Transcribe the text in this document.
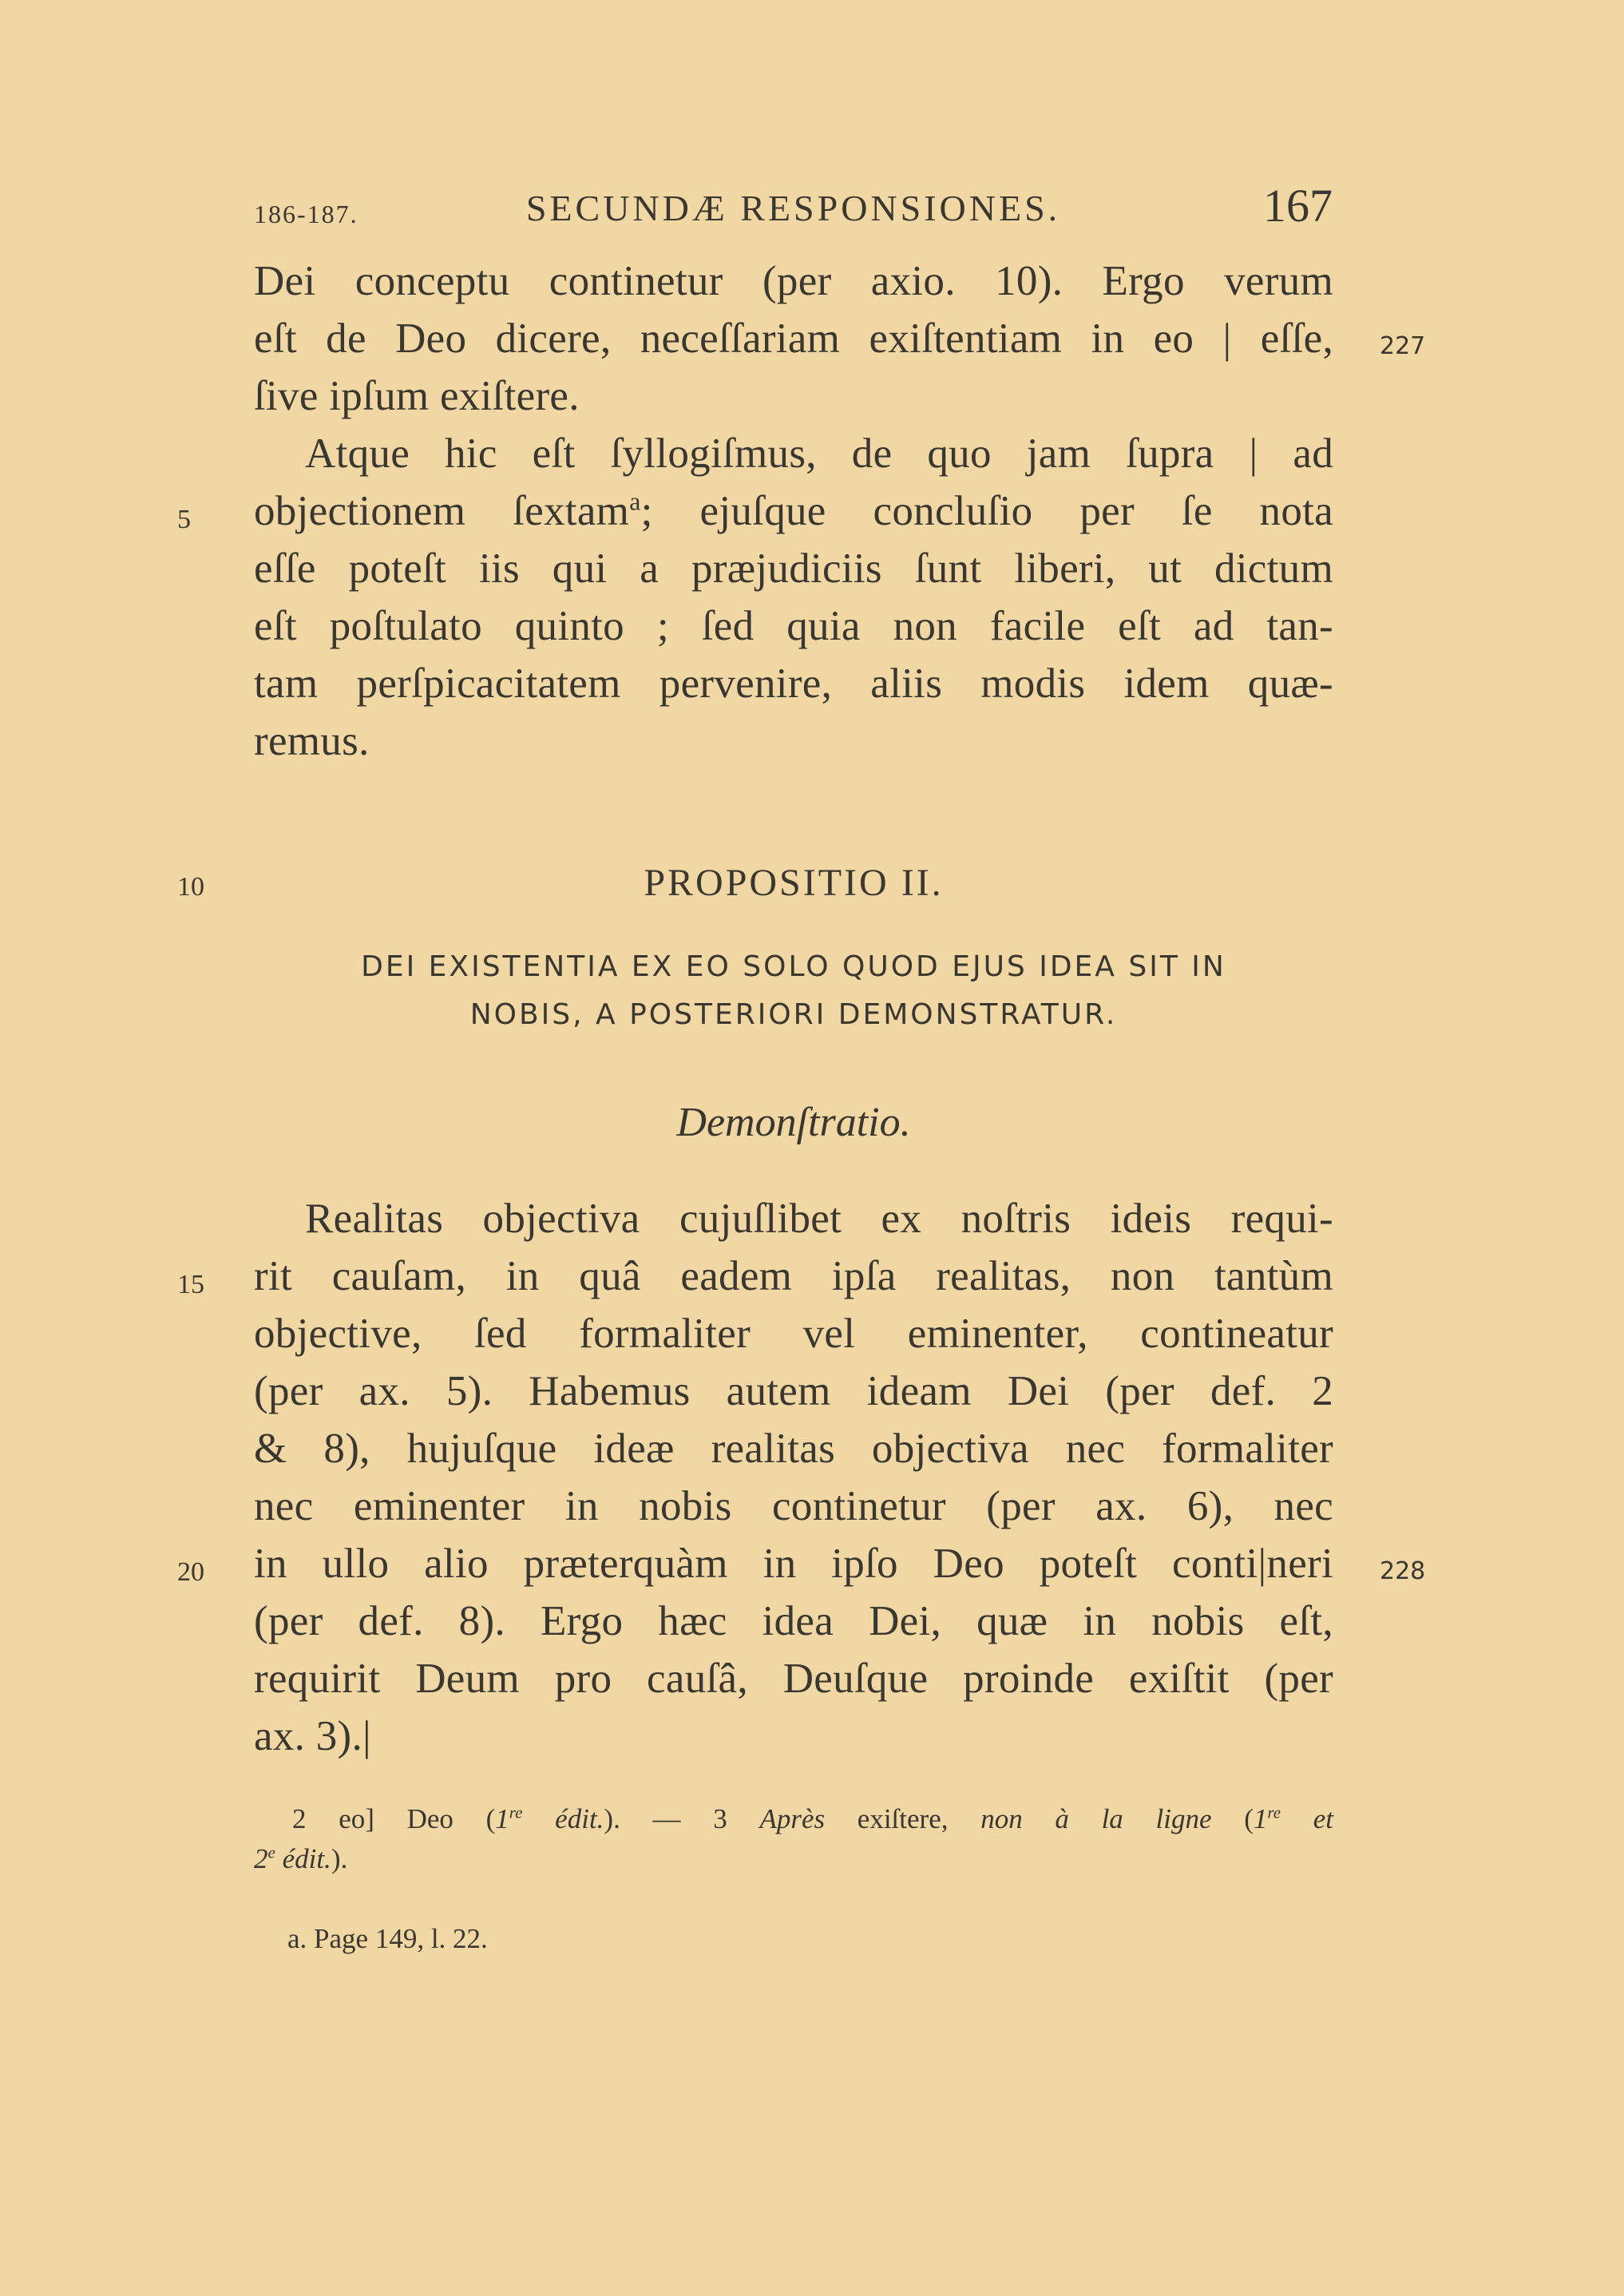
186-187.	SECUNDÆ RESPONSIONES.	167
Dei conceptu continetur (per axio. 10). Ergo verum
eſt de Deo dicere, neceſſariam exiſtentiam in eo | eſſe, 227
ſive ipſum exiſtere.
Atque hic eſt ſyllogiſmus, de quo jam ſupra | ad
5 objectionem ſextam$^a$; ejuſque concluſio per ſe nota
eſſe poteſt iis qui a præjudiciis ſunt liberi, ut dictum
eſt poſtulato quinto ; ſed quia non facile eſt ad tan-
tam perſpicacitatem pervenire, aliis modis idem quæ-
remus.
10	PROPOSITIO II.
DEI EXISTENTIA EX EO SOLO QUOD EJUS IDEA SIT IN
NOBIS, A POSTERIORI DEMONSTRATUR.
Demonſtratio.
Realitas objectiva cujuſlibet ex noſtris ideis requi-
15 rit cauſam, in quâ eadem ipſa realitas, non tantùm
objective, ſed formaliter vel eminenter, contineatur
(per ax. 5). Habemus autem ideam Dei (per def. 2
& 8), hujuſque ideæ realitas objectiva nec formaliter
nec eminenter in nobis continetur (per ax. 6), nec
20 in ullo alio præterquàm in ipſo Deo poteſt conti|neri 228
(per def. 8). Ergo hæc idea Dei, quæ in nobis eſt,
requirit Deum pro cauſâ, Deuſque proinde exiſtit (per
ax. 3).|
2 eo] Deo (1re édit.). — 3 Après exiſtere, non à la ligne (1re et
2e édit.).
a. Page 149, l. 22.
